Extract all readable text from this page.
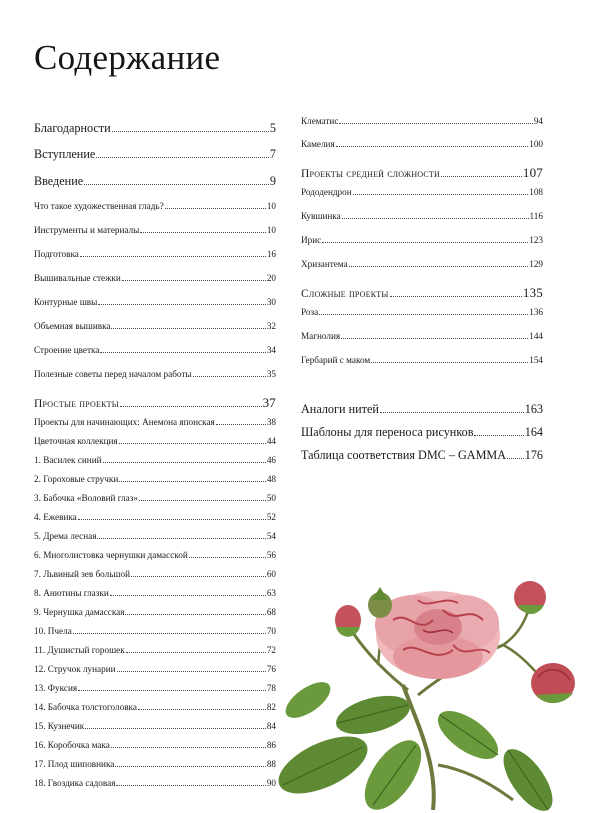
Содержание
Благодарности	5
Вступление	7
Введение	9
Что такое художественная гладь?	10
Инструменты и материалы	10
Подготовка	16
Вышивальные стежки	20
Контурные швы	30
Объемная вышивка	32
Строение цветка	34
Полезные советы перед началом работы	35
Простые проекты	37
Проекты для начинающих: Анемона японская	38
Цветочная коллекция	44
1. Василек синий	46
2. Гороховые стручки	48
3. Бабочка «Воловий глаз»	50
4. Ежевика	52
5. Дрема лесная	54
6. Многолистовка чернушки дамасской	56
7. Львиный зев большой	60
8. Анютины глазки	63
9. Чернушка дамасская	68
10. Пчела	70
11. Душистый горошек	72
12. Стручок лунарии	76
13. Фуксия	78
14. Бабочка толстоголовка	82
15. Кузнечик	84
16. Коробочка мака	86
17. Плод шиповника	88
18. Гвоздика садовая	90
Клематис	94
Камелия	100
Проекты средней сложности	107
Рододендрон	108
Кувшинка	116
Ирис	123
Хризантема	129
Сложные проекты	135
Роза	136
Магнолия	144
Гербарий с маком	154
Аналоги нитей	163
Шаблоны для переноса рисунков	164
Таблица соответствия DMC – GAMMA 176
